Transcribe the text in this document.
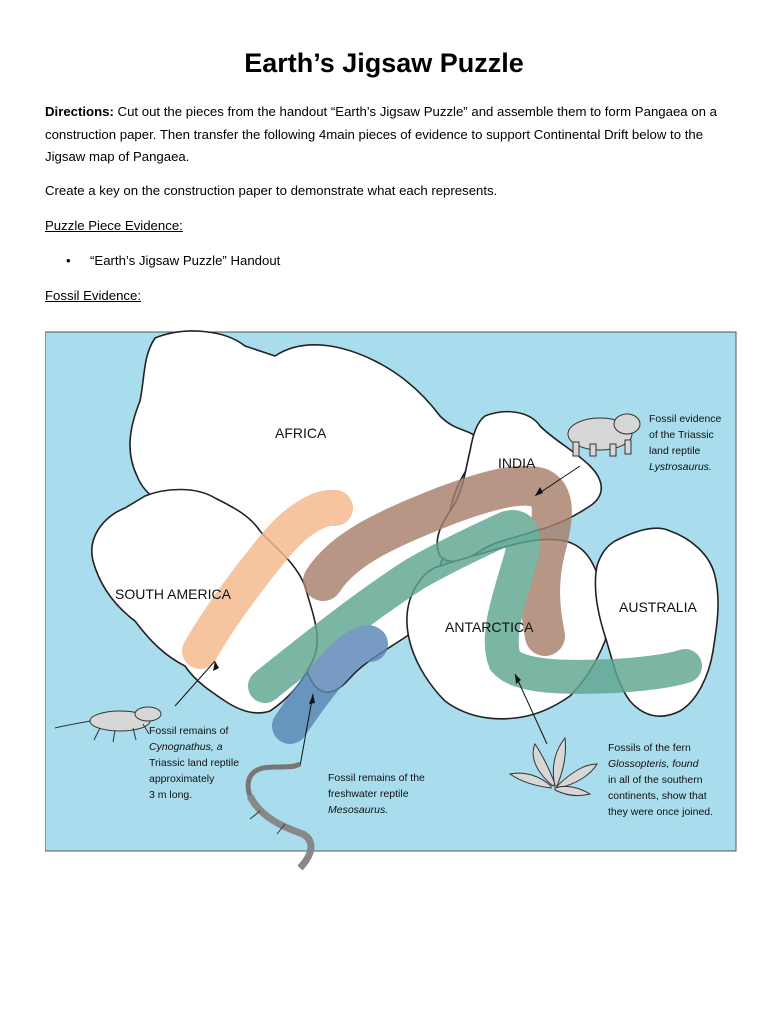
Earth’s Jigsaw Puzzle

Directions: Cut out the pieces from the handout “Earth’s Jigsaw Puzzle” and assemble them to form Pangaea on a construction paper. Then transfer the following 4main pieces of evidence to support Continental Drift below to the Jigsaw map of Pangaea.

Create a key on the construction paper to demonstrate what each represents.

Puzzle Piece Evidence:

• “Earth’s Jigsaw Puzzle” Handout

Fossil Evidence:

AFRICA
INDIA
SOUTH AMERICA
ANTARCTICA
AUSTRALIA
Fossil evidence of the Triassic land reptile Lystrosaurus.
Fossil remains of Cynognathus, a Triassic land reptile approximately 3 m long.
Fossil remains of the freshwater reptile Mesosaurus.
Fossils of the fern Glossopteris, found in all of the southern continents, show that they were once joined.
